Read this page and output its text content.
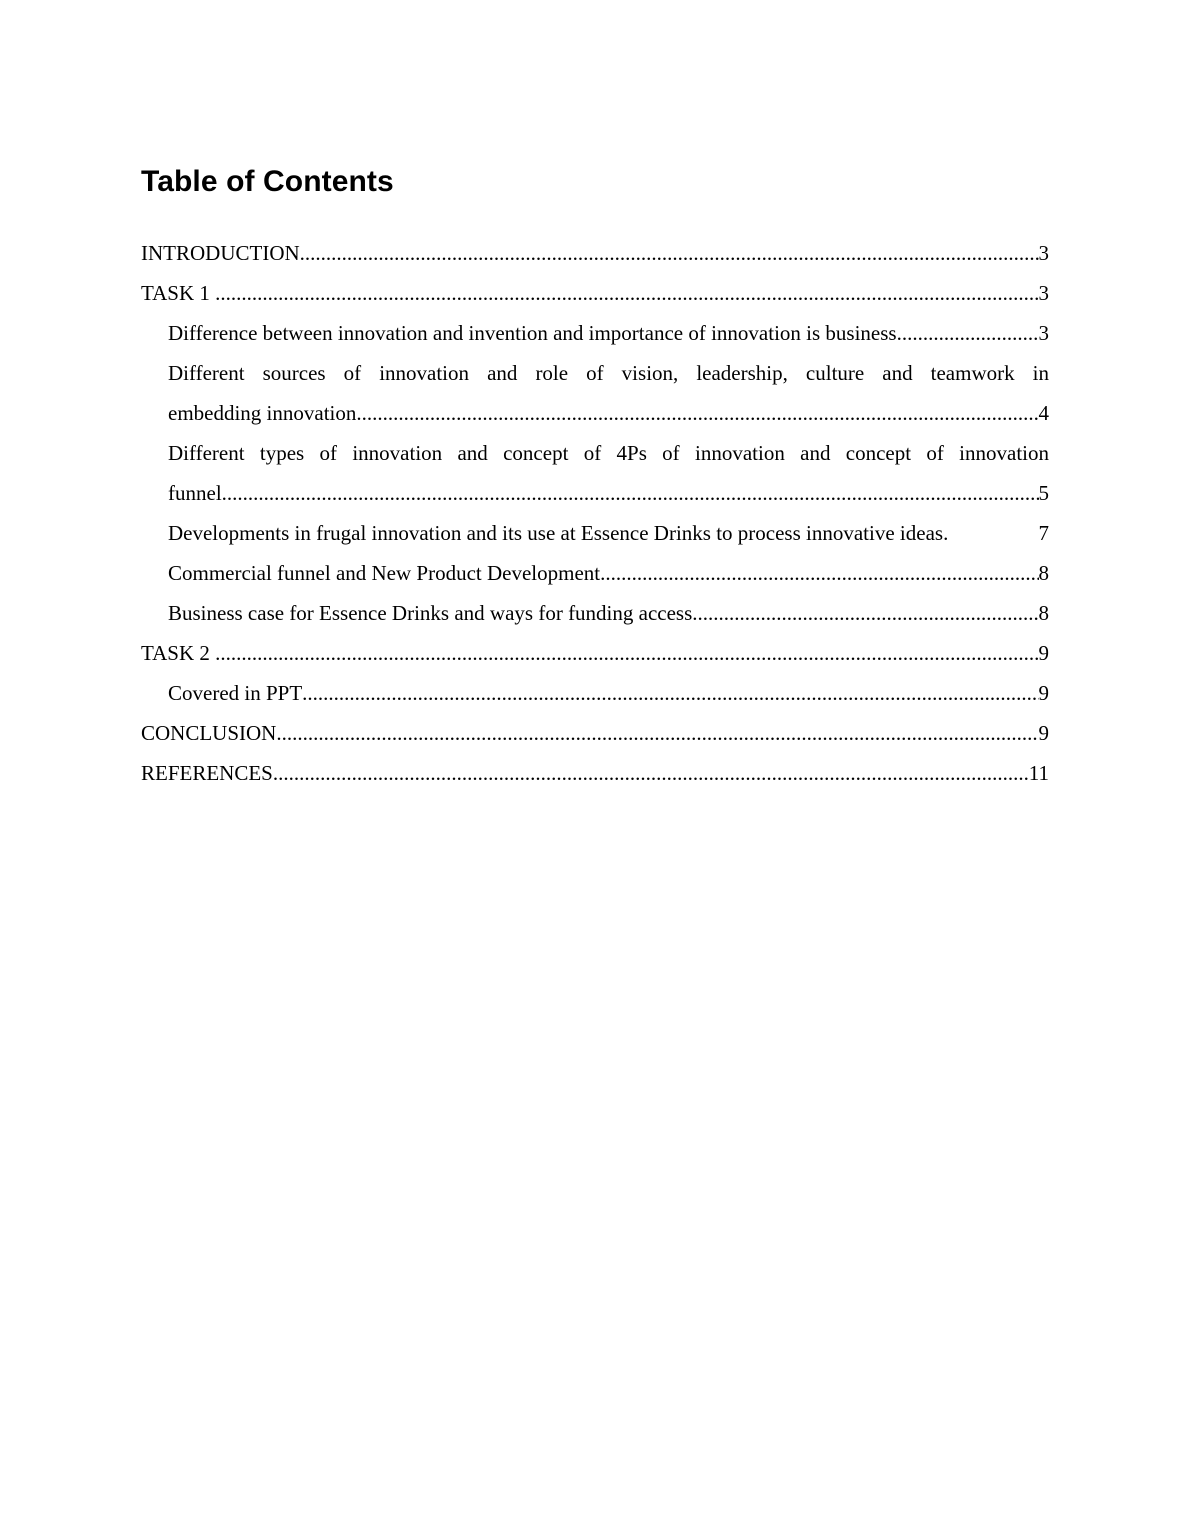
Table of Contents
INTRODUCTION .....	3
TASK 1 .....	3
Difference between innovation and invention and importance of innovation is business .....	3
Different sources of innovation and role of vision, leadership, culture and teamwork in
embedding innovation .....	4
Different types of innovation and concept of 4Ps of innovation and concept of innovation
funnel .....	5
Developments in frugal innovation and its use at Essence Drinks to process innovative ideas.	7
Commercial funnel and New Product Development .....	8
Business case for Essence Drinks and ways for funding access .....	8
TASK 2 .....	9
Covered in PPT .....	9
CONCLUSION .....	9
REFERENCES .....	11
